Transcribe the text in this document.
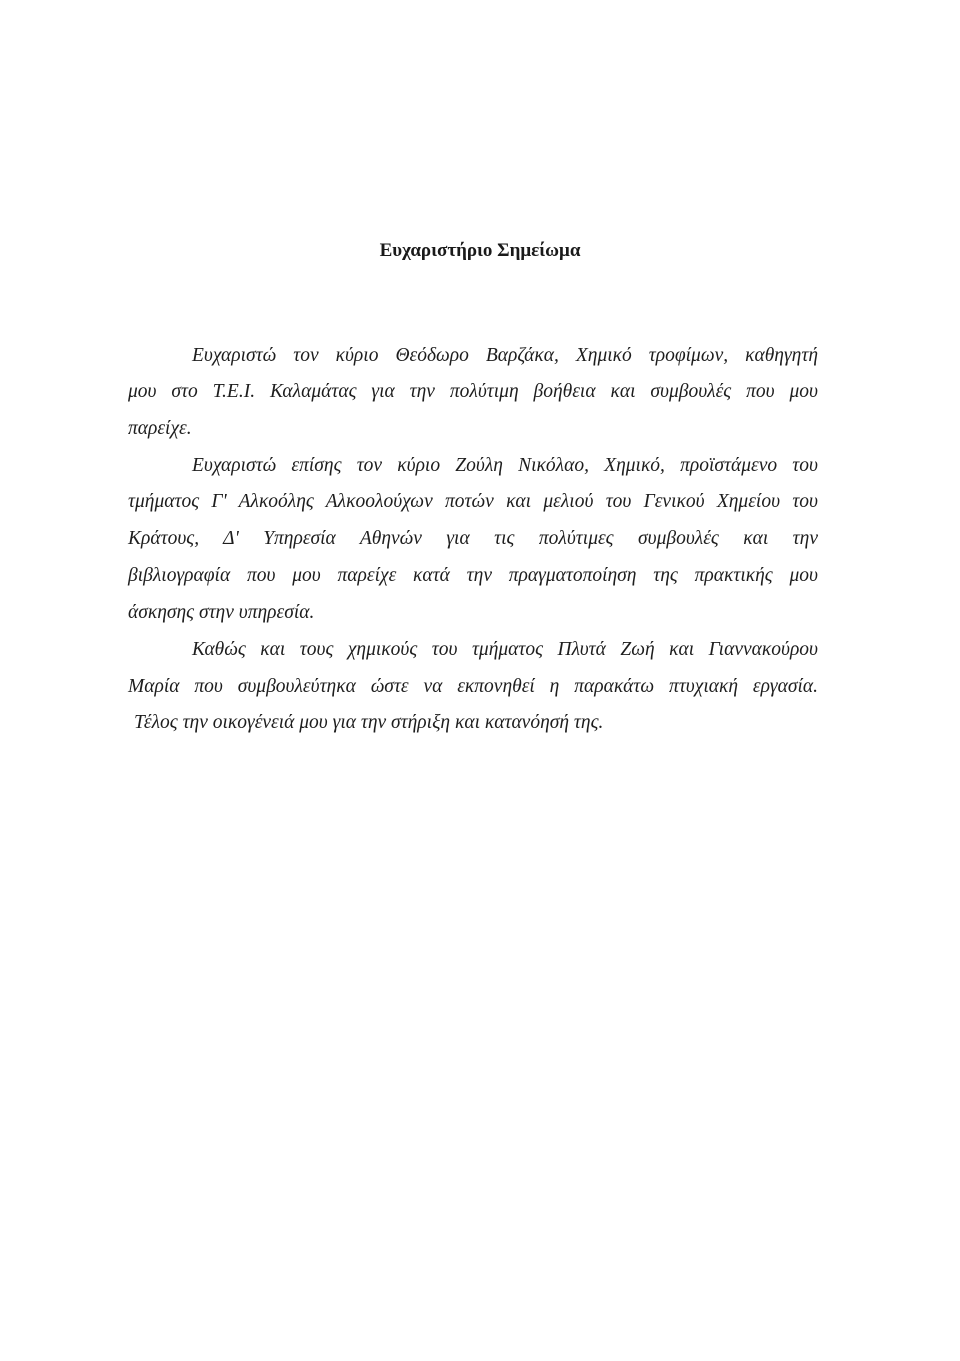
Ευχαριστήριο Σημείωμα
Ευχαριστώ τον κύριο Θεόδωρο Βαρζάκα, Χημικό τροφίμων, καθηγητή
μου στο Τ.Ε.Ι. Καλαμάτας για την πολύτιμη βοήθεια και συμβουλές που μου
παρείχε.
Ευχαριστώ επίσης τον κύριο Ζούλη Νικόλαο, Χημικό, προϊστάμενο του
τμήματος Γ' Αλκοόλης Αλκοολούχων ποτών και μελιού του Γενικού Χημείου του
Κράτους, Δ' Υπηρεσία Αθηνών για τις πολύτιμες συμβουλές και την
βιβλιογραφία που μου παρείχε κατά την πραγματοποίηση της πρακτικής μου
άσκησης στην υπηρεσία.
Καθώς και τους χημικούς του τμήματος Πλυτά Ζωή και Γιαννακούρου
Μαρία που συμβουλεύτηκα ώστε να εκπονηθεί η παρακάτω πτυχιακή εργασία.
Τέλος την οικογένειά μου για την στήριξη και κατανόησή της.
